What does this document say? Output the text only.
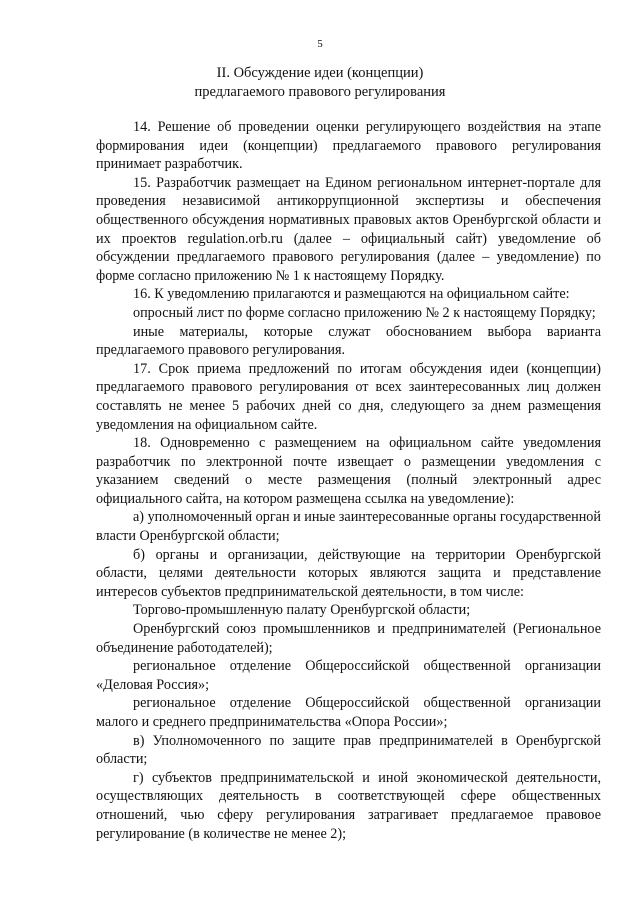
5
II. Обсуждение идеи (концепции)
предлагаемого правового регулирования

14. Решение об проведении оценки регулирующего воздействия на этапе формирования идеи (концепции) предлагаемого правового регулирования принимает разработчик.

15. Разработчик размещает на Едином региональном интернет-портале для проведения независимой антикоррупционной экспертизы и обеспечения общественного обсуждения нормативных правовых актов Оренбургской области и их проектов regulation.orb.ru (далее – официальный сайт) уведомление об обсуждении предлагаемого правового регулирования (далее – уведомление) по форме согласно приложению № 1 к настоящему Порядку.

16. К уведомлению прилагаются и размещаются на официальном сайте:

опросный лист по форме согласно приложению № 2 к настоящему Порядку;

иные материалы, которые служат обоснованием выбора варианта предлагаемого правового регулирования.

17. Срок приема предложений по итогам обсуждения идеи (концепции) предлагаемого правового регулирования от всех заинтересованных лиц должен составлять не менее 5 рабочих дней со дня, следующего за днем размещения уведомления на официальном сайте.

18. Одновременно с размещением на официальном сайте уведомления разработчик по электронной почте извещает о размещении уведомления с указанием сведений о месте размещения (полный электронный адрес официального сайта, на котором размещена ссылка на уведомление):

а) уполномоченный орган и иные заинтересованные органы государственной власти Оренбургской области;

б) органы и организации, действующие на территории Оренбургской области, целями деятельности которых являются защита и представление интересов субъектов предпринимательской деятельности, в том числе:

Торгово-промышленную палату Оренбургской области;

Оренбургский союз промышленников и предпринимателей (Региональное объединение работодателей);

региональное отделение Общероссийской общественной организации «Деловая Россия»;

региональное отделение Общероссийской общественной организации малого и среднего предпринимательства «Опора России»;

в) Уполномоченного по защите прав предпринимателей в Оренбургской области;

г) субъектов предпринимательской и иной экономической деятельности, осуществляющих деятельность в соответствующей сфере общественных отношений, чью сферу регулирования затрагивает предлагаемое правовое регулирование (в количестве не менее 2);
